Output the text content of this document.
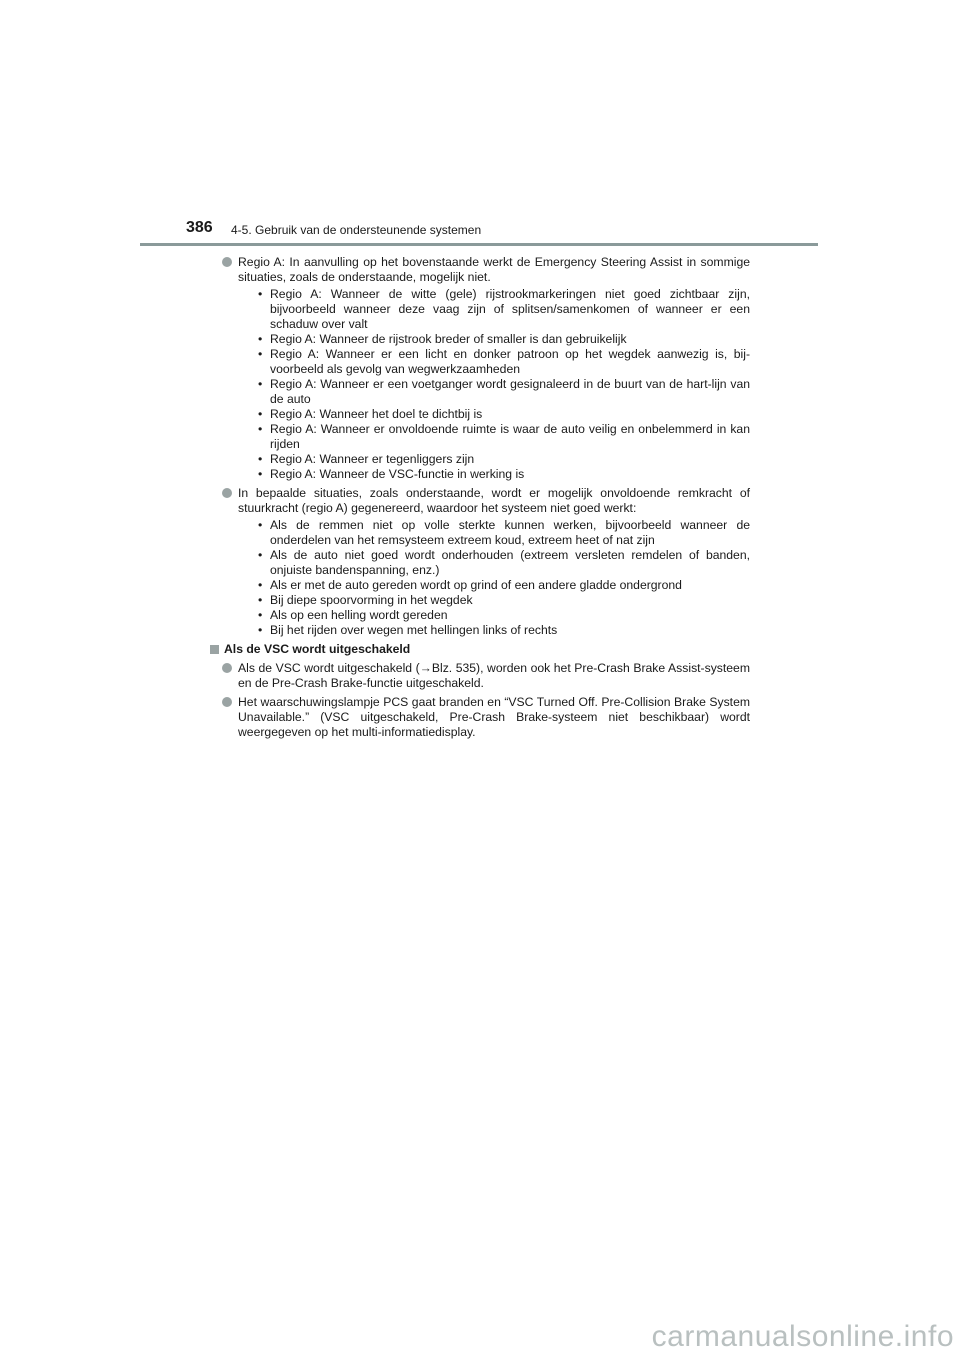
386 4-5. Gebruik van de ondersteunende systemen
Regio A: In aanvulling op het bovenstaande werkt de Emergency Steering Assist in sommige situaties, zoals de onderstaande, mogelijk niet.
• Regio A: Wanneer de witte (gele) rijstrookmarkeringen niet goed zichtbaar zijn, bijvoorbeeld wanneer deze vaag zijn of splitsen/samenkomen of wanneer er een schaduw over valt
• Regio A: Wanneer de rijstrook breder of smaller is dan gebruikelijk
• Regio A: Wanneer er een licht en donker patroon op het wegdek aanwezig is, bij-voorbeeld als gevolg van wegwerkzaamheden
• Regio A: Wanneer er een voetganger wordt gesignaleerd in de buurt van de hart-lijn van de auto
• Regio A: Wanneer het doel te dichtbij is
• Regio A: Wanneer er onvoldoende ruimte is waar de auto veilig en onbelemmerd in kan rijden
• Regio A: Wanneer er tegenliggers zijn
• Regio A: Wanneer de VSC-functie in werking is
In bepaalde situaties, zoals onderstaande, wordt er mogelijk onvoldoende remkracht of stuurkracht (regio A) gegenereerd, waardoor het systeem niet goed werkt:
• Als de remmen niet op volle sterkte kunnen werken, bijvoorbeeld wanneer de onderdelen van het remsysteem extreem koud, extreem heet of nat zijn
• Als de auto niet goed wordt onderhouden (extreem versleten remdelen of banden, onjuiste bandenspanning, enz.)
• Als er met de auto gereden wordt op grind of een andere gladde ondergrond
• Bij diepe spoorvorming in het wegdek
• Als op een helling wordt gereden
• Bij het rijden over wegen met hellingen links of rechts
Als de VSC wordt uitgeschakeld
Als de VSC wordt uitgeschakeld (→Blz. 535), worden ook het Pre-Crash Brake Assist-systeem en de Pre-Crash Brake-functie uitgeschakeld.
Het waarschuwingslampje PCS gaat branden en “VSC Turned Off. Pre-Collision Brake System Unavailable.” (VSC uitgeschakeld, Pre-Crash Brake-systeem niet beschikbaar) wordt weergegeven op het multi-informatiedisplay.
carmanualsonline.info
